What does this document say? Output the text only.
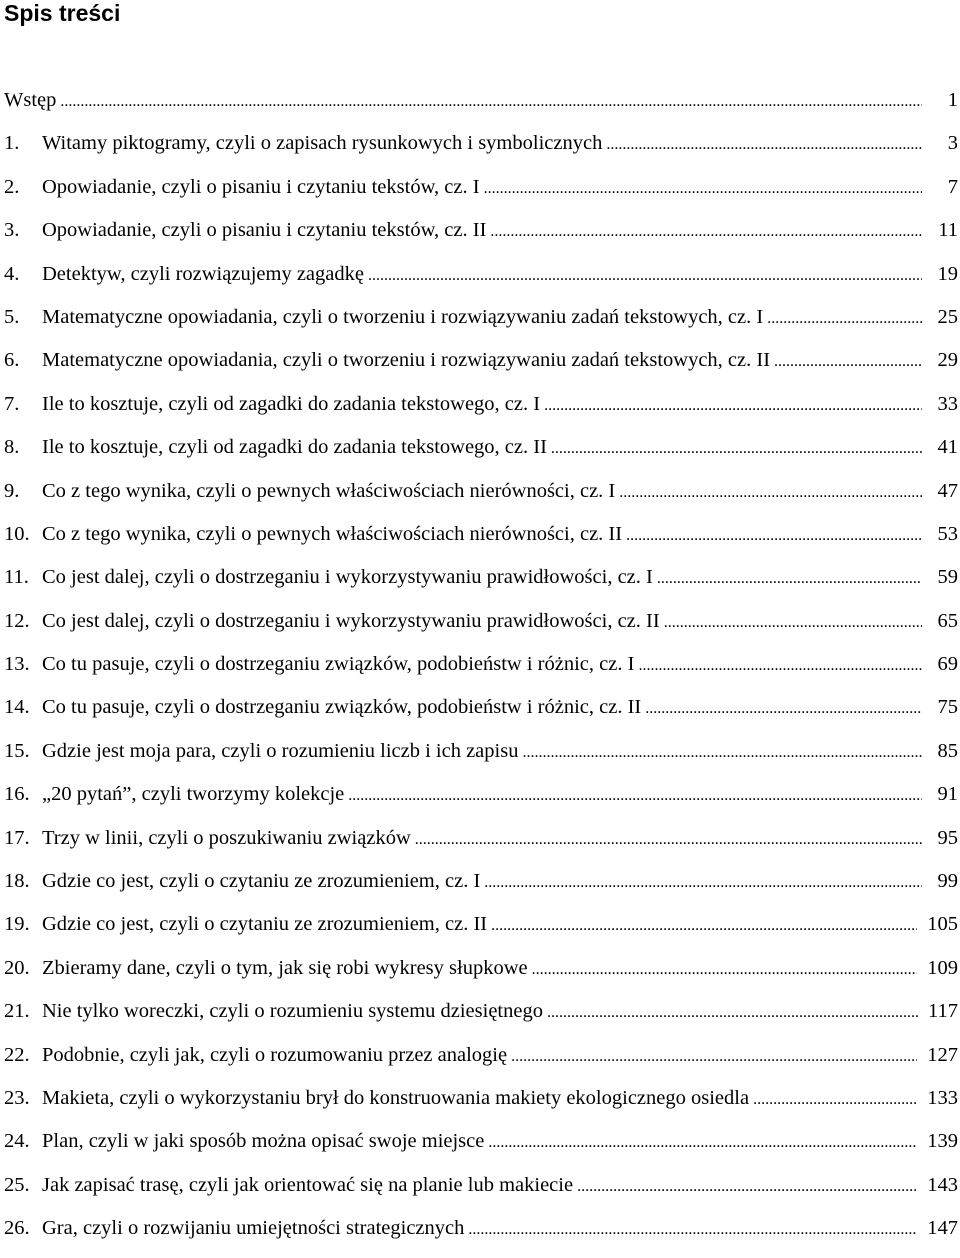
Spis treści
Wstęp .....	1
1.	Witamy piktogramy, czyli o zapisach rysunkowych i symbolicznych .....	3
2.	Opowiadanie, czyli o pisaniu i czytaniu tekstów, cz. I .....	7
3.	Opowiadanie, czyli o pisaniu i czytaniu tekstów, cz. II .....	11
4.	Detektyw, czyli rozwiązujemy zagadkę .....	19
5.	Matematyczne opowiadania, czyli o tworzeniu i rozwiązywaniu zadań tekstowych, cz. I .....	25
6.	Matematyczne opowiadania, czyli o tworzeniu i rozwiązywaniu zadań tekstowych, cz. II .....	29
7.	Ile to kosztuje, czyli od zagadki do zadania tekstowego, cz. I .....	33
8.	Ile to kosztuje, czyli od zagadki do zadania tekstowego, cz. II .....	41
9.	Co z tego wynika, czyli o pewnych właściwościach nierówności, cz. I .....	47
10. Co z tego wynika, czyli o pewnych właściwościach nierówności, cz. II .....	53
11. Co jest dalej, czyli o dostrzeganiu i wykorzystywaniu prawidłowości, cz. I .....	59
12. Co jest dalej, czyli o dostrzeganiu i wykorzystywaniu prawidłowości, cz. II .....	65
13. Co tu pasuje, czyli o dostrzeganiu związków, podobieństw i różnic, cz. I .....	69
14. Co tu pasuje, czyli o dostrzeganiu związków, podobieństw i różnic, cz. II .....	75
15. Gdzie jest moja para, czyli o rozumieniu liczb i ich zapisu .....	85
16. „20 pytań”, czyli tworzymy kolekcje .....	91
17. Trzy w linii, czyli o poszukiwaniu związków .....	95
18. Gdzie co jest, czyli o czytaniu ze zrozumieniem, cz. I .....	99
19. Gdzie co jest, czyli o czytaniu ze zrozumieniem, cz. II .....	105
20. Zbieramy dane, czyli o tym, jak się robi wykresy słupkowe .....	109
21. Nie tylko woreczki, czyli o rozumieniu systemu dziesiętnego .....	117
22. Podobnie, czyli jak, czyli o rozumowaniu przez analogię .....	127
23. Makieta, czyli o wykorzystaniu brył do konstruowania makiety ekologicznego osiedla .....	133
24. Plan, czyli w jaki sposób można opisać swoje miejsce .....	139
25. Jak zapisać trasę, czyli jak orientować się na planie lub makiecie .....	143
26. Gra, czyli o rozwijaniu umiejętności strategicznych .....	147
